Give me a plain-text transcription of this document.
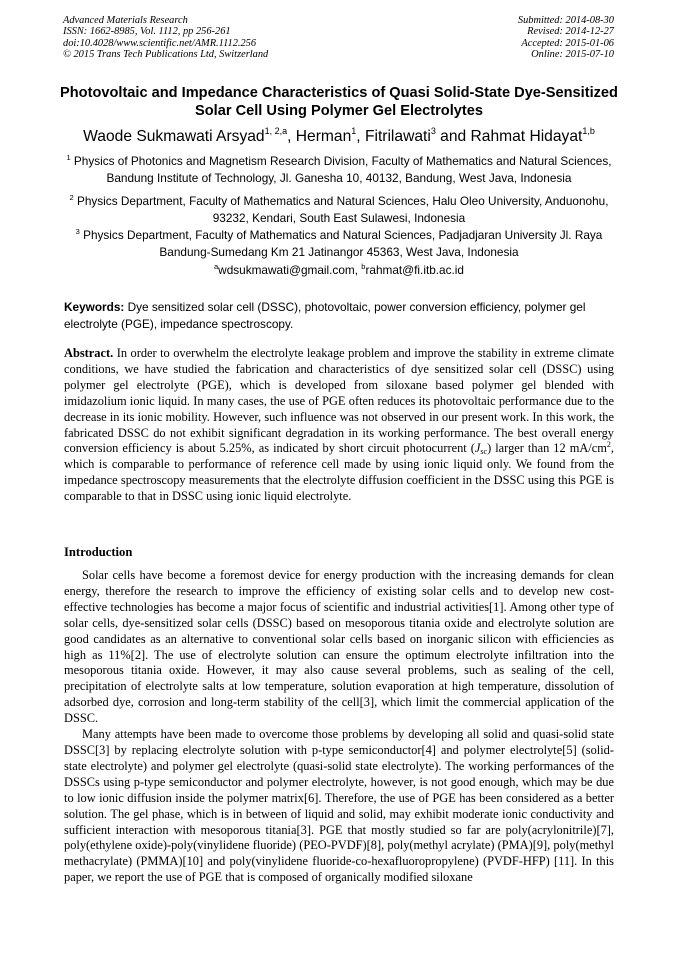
Advanced Materials Research
ISSN: 1662-8985, Vol. 1112, pp 256-261
doi:10.4028/www.scientific.net/AMR.1112.256
© 2015 Trans Tech Publications Ltd, Switzerland
Submitted: 2014-08-30
Revised: 2014-12-27
Accepted: 2015-01-06
Online: 2015-07-10
Photovoltaic and Impedance Characteristics of Quasi Solid-State Dye-Sensitized Solar Cell Using Polymer Gel Electrolytes
Waode Sukmawati Arsyad$^{1, 2,a}$, Herman$^1$, Fitrilawati$^3$ and Rahmat Hidayat$^{1,b}$
$^1$ Physics of Photonics and Magnetism Research Division, Faculty of Mathematics and Natural Sciences, Bandung Institute of Technology, Jl. Ganesha 10, 40132, Bandung, West Java, Indonesia
$^2$ Physics Department, Faculty of Mathematics and Natural Sciences, Halu Oleo University, Anduonohu, 93232, Kendari, South East Sulawesi, Indonesia
$^3$ Physics Department, Faculty of Mathematics and Natural Sciences, Padjadjaran University Jl. Raya Bandung-Sumedang Km 21 Jatinangor 45363, West Java, Indonesia
$^a$wdsukmawati@gmail.com, $^b$rahmat@fi.itb.ac.id
Keywords: Dye sensitized solar cell (DSSC), photovoltaic, power conversion efficiency, polymer gel electrolyte (PGE), impedance spectroscopy.
Abstract. In order to overwhelm the electrolyte leakage problem and improve the stability in extreme climate conditions, we have studied the fabrication and characteristics of dye sensitized solar cell (DSSC) using polymer gel electrolyte (PGE), which is developed from siloxane based polymer gel blended with imidazolium ionic liquid. In many cases, the use of PGE often reduces its photovoltaic performance due to the decrease in its ionic mobility. However, such influence was not observed in our present work. In this work, the fabricated DSSC do not exhibit significant degradation in its working performance. The best overall energy conversion efficiency is about 5.25%, as indicated by short circuit photocurrent $(J_{sc})$ larger than 12 $mA/cm^2$, which is comparable to performance of reference cell made by using ionic liquid only. We found from the impedance spectroscopy measurements that the electrolyte diffusion coefficient in the DSSC using this PGE is comparable to that in DSSC using ionic liquid electrolyte.
Introduction

Solar cells have become a foremost device for energy production with the increasing demands for clean energy, therefore the research to improve the efficiency of existing solar cells and to develop new cost-effective technologies has become a major focus of scientific and industrial activities[1]. Among other type of solar cells, dye-sensitized solar cells (DSSC) based on mesoporous titania oxide and electrolyte solution are good candidates as an alternative to conventional solar cells based on inorganic silicon with efficiencies as high as 11%[2]. The use of electrolyte solution can ensure the optimum electrolyte infiltration into the mesoporous titania oxide. However, it may also cause several problems, such as sealing of the cell, precipitation of electrolyte salts at low temperature, solution evaporation at high temperature, dissolution of adsorbed dye, corrosion and long-term stability of the cell[3], which limit the commercial application of the DSSC.

Many attempts have been made to overcome those problems by developing all solid and quasi-solid state DSSC[3] by replacing electrolyte solution with p-type semiconductor[4] and polymer electrolyte[5] (solid-state electrolyte) and polymer gel electrolyte (quasi-solid state electrolyte). The working performances of the DSSCs using p-type semiconductor and polymer electrolyte, however, is not good enough, which may be due to low ionic diffusion inside the polymer matrix[6]. Therefore, the use of PGE has been considered as a better solution. The gel phase, which is in between of liquid and solid, may exhibit moderate ionic conductivity and sufficient interaction with mesoporous titania[3]. PGE that mostly studied so far are poly(acrylonitrile)[7], poly(ethylene oxide)-poly(vinylidene fluoride) (PEO-PVDF)[8], poly(methyl acrylate) (PMA)[9], poly(methyl methacrylate) (PMMA)[10] and poly(vinylidene fluoride-co-hexafluoropropylene) (PVDF-HFP) [11]. In this paper, we report the use of PGE that is composed of organically modified siloxane
